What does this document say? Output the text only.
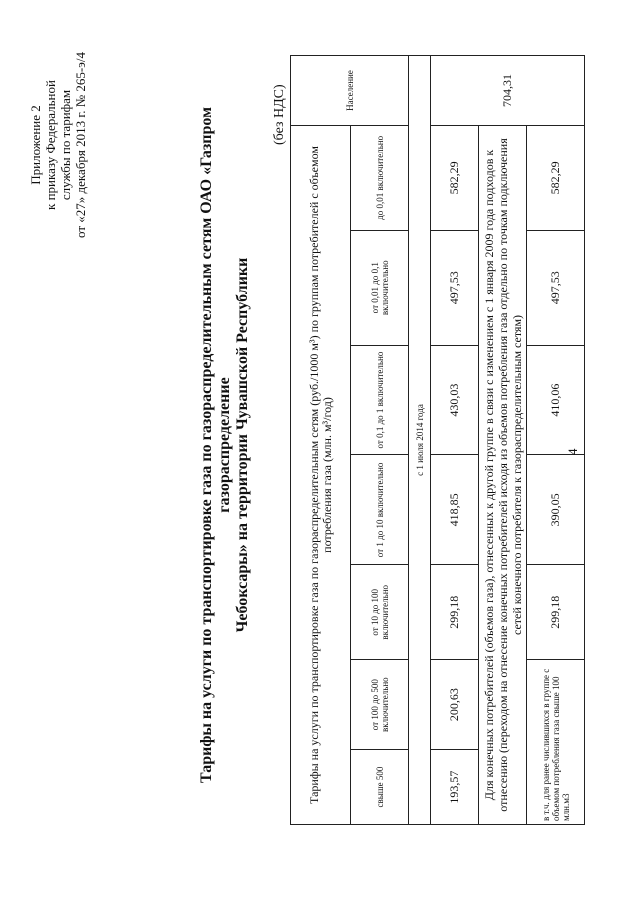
Приложение 2 к приказу Федеральной службы по тарифам от «27» декабря 2013 г. № 265-э/4	Тарифы на услуги по транспортировке газа по газораспределительным сетям ОАО «Газпром газораспределение Чебоксары» на территории Чувашской Республики
(без НДС)
Тарифы на услуги по транспортировке газа по газораспределительным сетям (руб./1000 м³) по группам потребителей с объемом потребления газа (млн. м³/год)							Население
свыше 500	от 100 до 500 включительно	от 10 до 100 включительно	от 1 до 10 включительно	от 0,1 до 1 включительно	от 0,01 до 0,1 включительно	до 0,01 включительно	
с 1 июля 2014 года							
193,57	200,63	299,18	418,85	430,03	497,53	582,29	704,31
Для конечных потребителей (объемов газа), отнесенных к другой группе в связи с изменением с 1 января 2009 года подходов к отнесению (переходом на отнесение конечных потребителей исходя из объемов потребления газа отдельно по точкам подключения сетей конечного потребителя к газораспределительным сетям)							
в т.ч. для ранее числившихся в группе с объемом потребления газа свыше 100 млн.м3		299,18	390,05	410,06	497,53	582,29	
4
